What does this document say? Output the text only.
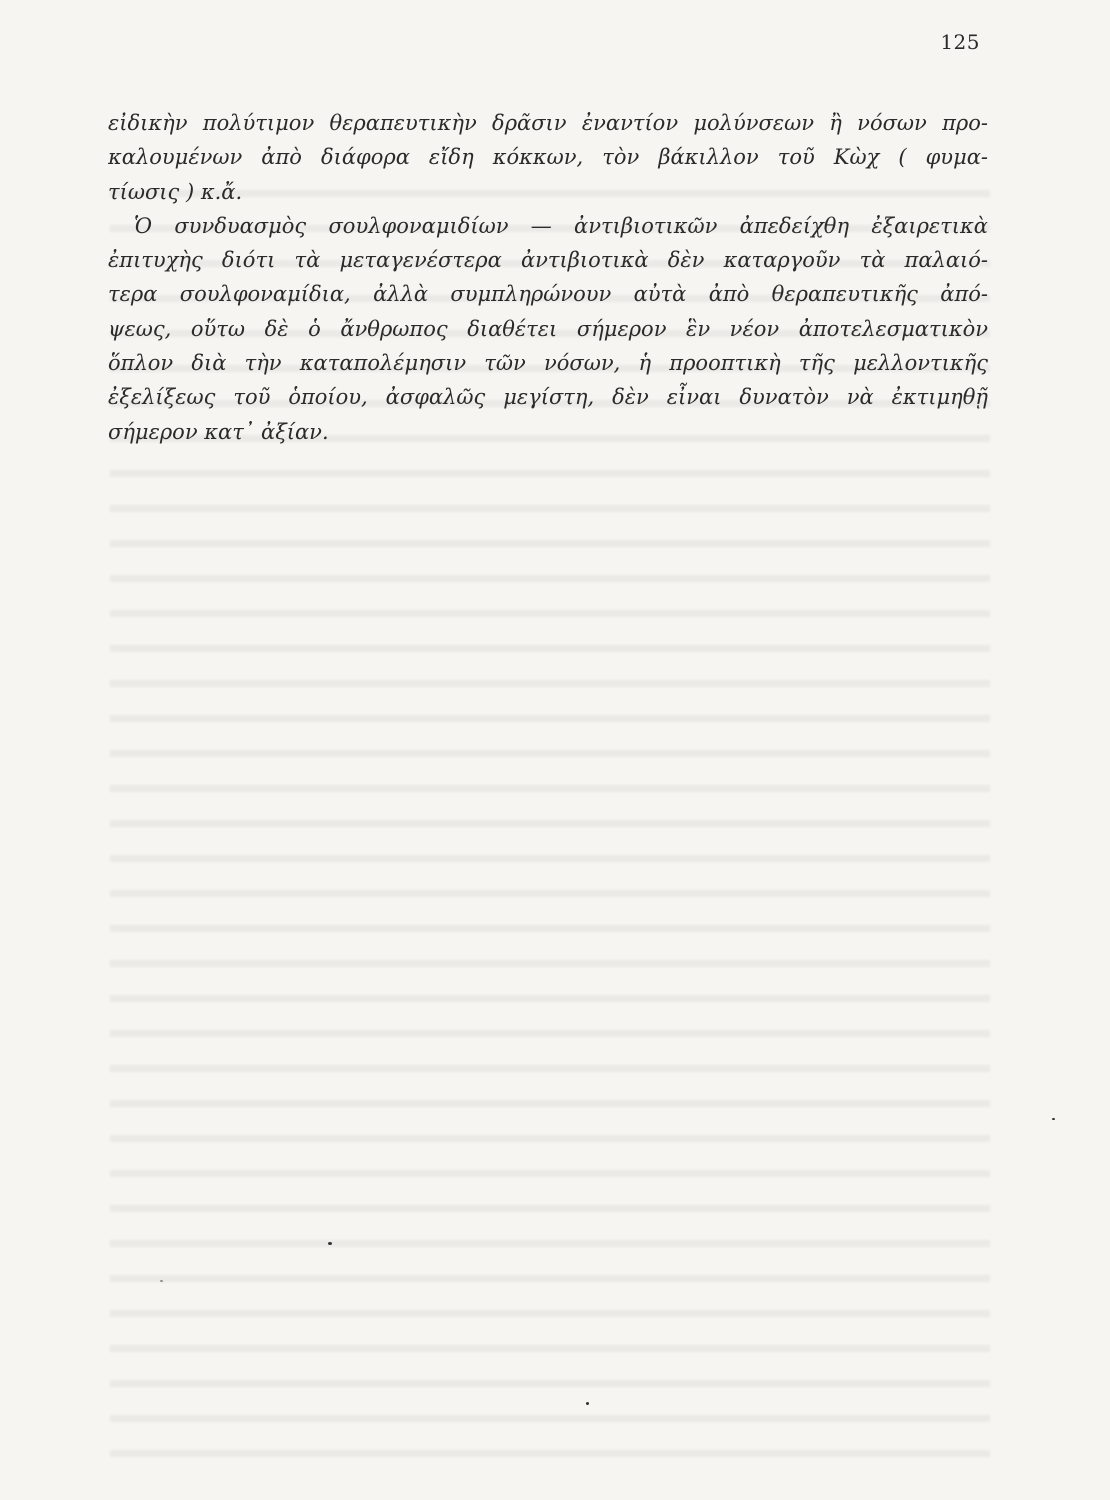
125
εἰδικὴν πολύτιμον θεραπευτικὴν δρᾶσιν ἐναντίον μολύνσεων ἢ νόσων προ-
καλουμένων ἀπὸ διάφορα εἴδη κόκκων, τὸν βάκιλλον τοῦ Κὼχ ( φυμα-
τίωσις ) κ.ἄ.
Ὁ συνδυασμὸς σουλφοναμιδίων — ἀντιβιοτικῶν ἀπεδείχθη ἐξαιρετικὰ
ἐπιτυχὴς διότι τὰ μεταγενέστερα ἀντιβιοτικὰ δὲν καταργοῦν τὰ παλαιό-
τερα σουλφοναμίδια, ἀλλὰ συμπληρώνουν αὐτὰ ἀπὸ θεραπευτικῆς ἀπό-
ψεως, οὕτω δὲ ὁ ἄνθρωπος διαθέτει σήμερον ἓν νέον ἀποτελεσματικὸν
ὅπλον διὰ τὴν καταπολέμησιν τῶν νόσων, ἡ προοπτικὴ τῆς μελλοντικῆς
ἐξελίξεως τοῦ ὁποίου, ἀσφαλῶς μεγίστη, δὲν εἶναι δυνατὸν νὰ ἐκτιμηθῇ
σήμερον κατ᾽ ἀξίαν.
